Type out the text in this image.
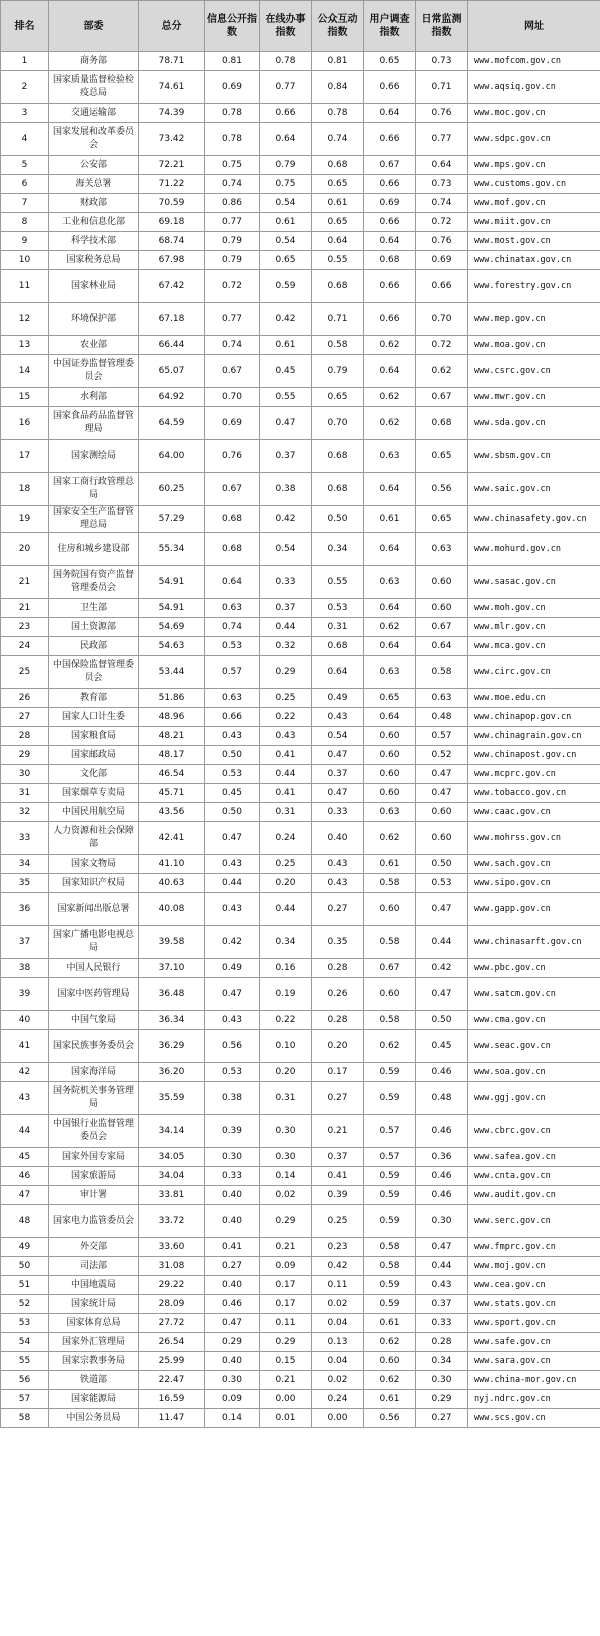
排名	部委	总分	信息公开指数	在线办事指数	公众互动指数	用户调查指数	日常监测指数	网址
1	商务部	78.71	0.81	0.78	0.81	0.65	0.73	www.mofcom.gov.cn
2	国家质量监督检验检疫总局	74.61	0.69	0.77	0.84	0.66	0.71	www.aqsiq.gov.cn
3	交通运输部	74.39	0.78	0.66	0.78	0.64	0.76	www.moc.gov.cn
4	国家发展和改革委员会	73.42	0.78	0.64	0.74	0.66	0.77	www.sdpc.gov.cn
5	公安部	72.21	0.75	0.79	0.68	0.67	0.64	www.mps.gov.cn
6	海关总署	71.22	0.74	0.75	0.65	0.66	0.73	www.customs.gov.cn
7	财政部	70.59	0.86	0.54	0.61	0.69	0.74	www.mof.gov.cn
8	工业和信息化部	69.18	0.77	0.61	0.65	0.66	0.72	www.miit.gov.cn
9	科学技术部	68.74	0.79	0.54	0.64	0.64	0.76	www.most.gov.cn
10	国家税务总局	67.98	0.79	0.65	0.55	0.68	0.69	www.chinatax.gov.cn
11	国家林业局	67.42	0.72	0.59	0.68	0.66	0.66	www.forestry.gov.cn
12	环境保护部	67.18	0.77	0.42	0.71	0.66	0.70	www.mep.gov.cn
13	农业部	66.44	0.74	0.61	0.58	0.62	0.72	www.moa.gov.cn
14	中国证券监督管理委员会	65.07	0.67	0.45	0.79	0.64	0.62	www.csrc.gov.cn
15	水利部	64.92	0.70	0.55	0.65	0.62	0.67	www.mwr.gov.cn
16	国家食品药品监督管理局	64.59	0.69	0.47	0.70	0.62	0.68	www.sda.gov.cn
17	国家测绘局	64.00	0.76	0.37	0.68	0.63	0.65	www.sbsm.gov.cn
18	国家工商行政管理总局	60.25	0.67	0.38	0.68	0.64	0.56	www.saic.gov.cn
19	国家安全生产监督管理总局	57.29	0.68	0.42	0.50	0.61	0.65	www.chinasafety.gov.cn
20	住房和城乡建设部	55.34	0.68	0.54	0.34	0.64	0.63	www.mohurd.gov.cn
21	国务院国有资产监督管理委员会	54.91	0.64	0.33	0.55	0.63	0.60	www.sasac.gov.cn
21	卫生部	54.91	0.63	0.37	0.53	0.64	0.60	www.moh.gov.cn
23	国土资源部	54.69	0.74	0.44	0.31	0.62	0.67	www.mlr.gov.cn
24	民政部	54.63	0.53	0.32	0.68	0.64	0.64	www.mca.gov.cn
25	中国保险监督管理委员会	53.44	0.57	0.29	0.64	0.63	0.58	www.circ.gov.cn
26	教育部	51.86	0.63	0.25	0.49	0.65	0.63	www.moe.edu.cn
27	国家人口计生委	48.96	0.66	0.22	0.43	0.64	0.48	www.chinapop.gov.cn
28	国家粮食局	48.21	0.43	0.43	0.54	0.60	0.57	www.chinagrain.gov.cn
29	国家邮政局	48.17	0.50	0.41	0.47	0.60	0.52	www.chinapost.gov.cn
30	文化部	46.54	0.53	0.44	0.37	0.60	0.47	www.mcprc.gov.cn
31	国家烟草专卖局	45.71	0.45	0.41	0.47	0.60	0.47	www.tobacco.gov.cn
32	中国民用航空局	43.56	0.50	0.31	0.33	0.63	0.60	www.caac.gov.cn
33	人力资源和社会保障部	42.41	0.47	0.24	0.40	0.62	0.60	www.mohrss.gov.cn
34	国家文物局	41.10	0.43	0.25	0.43	0.61	0.50	www.sach.gov.cn
35	国家知识产权局	40.63	0.44	0.20	0.43	0.58	0.53	www.sipo.gov.cn
36	国家新闻出版总署	40.08	0.43	0.44	0.27	0.60	0.47	www.gapp.gov.cn
37	国家广播电影电视总局	39.58	0.42	0.34	0.35	0.58	0.44	www.chinasarft.gov.cn
38	中国人民银行	37.10	0.49	0.16	0.28	0.67	0.42	www.pbc.gov.cn
39	国家中医药管理局	36.48	0.47	0.19	0.26	0.60	0.47	www.satcm.gov.cn
40	中国气象局	36.34	0.43	0.22	0.28	0.58	0.50	www.cma.gov.cn
41	国家民族事务委员会	36.29	0.56	0.10	0.20	0.62	0.45	www.seac.gov.cn
42	国家海洋局	36.20	0.53	0.20	0.17	0.59	0.46	www.soa.gov.cn
43	国务院机关事务管理局	35.59	0.38	0.31	0.27	0.59	0.48	www.ggj.gov.cn
44	中国银行业监督管理委员会	34.14	0.39	0.30	0.21	0.57	0.46	www.cbrc.gov.cn
45	国家外国专家局	34.05	0.30	0.30	0.37	0.57	0.36	www.safea.gov.cn
46	国家旅游局	34.04	0.33	0.14	0.41	0.59	0.46	www.cnta.gov.cn
47	审计署	33.81	0.40	0.02	0.39	0.59	0.46	www.audit.gov.cn
48	国家电力监管委员会	33.72	0.40	0.29	0.25	0.59	0.30	www.serc.gov.cn
49	外交部	33.60	0.41	0.21	0.23	0.58	0.47	www.fmprc.gov.cn
50	司法部	31.08	0.27	0.09	0.42	0.58	0.44	www.moj.gov.cn
51	中国地震局	29.22	0.40	0.17	0.11	0.59	0.43	www.cea.gov.cn
52	国家统计局	28.09	0.46	0.17	0.02	0.59	0.37	www.stats.gov.cn
53	国家体育总局	27.72	0.47	0.11	0.04	0.61	0.33	www.sport.gov.cn
54	国家外汇管理局	26.54	0.29	0.29	0.13	0.62	0.28	www.safe.gov.cn
55	国家宗教事务局	25.99	0.40	0.15	0.04	0.60	0.34	www.sara.gov.cn
56	铁道部	22.47	0.30	0.21	0.02	0.62	0.30	www.china-mor.gov.cn
57	国家能源局	16.59	0.09	0.00	0.24	0.61	0.29	nyj.ndrc.gov.cn
58	中国公务员局	11.47	0.14	0.01	0.00	0.56	0.27	www.scs.gov.cn
